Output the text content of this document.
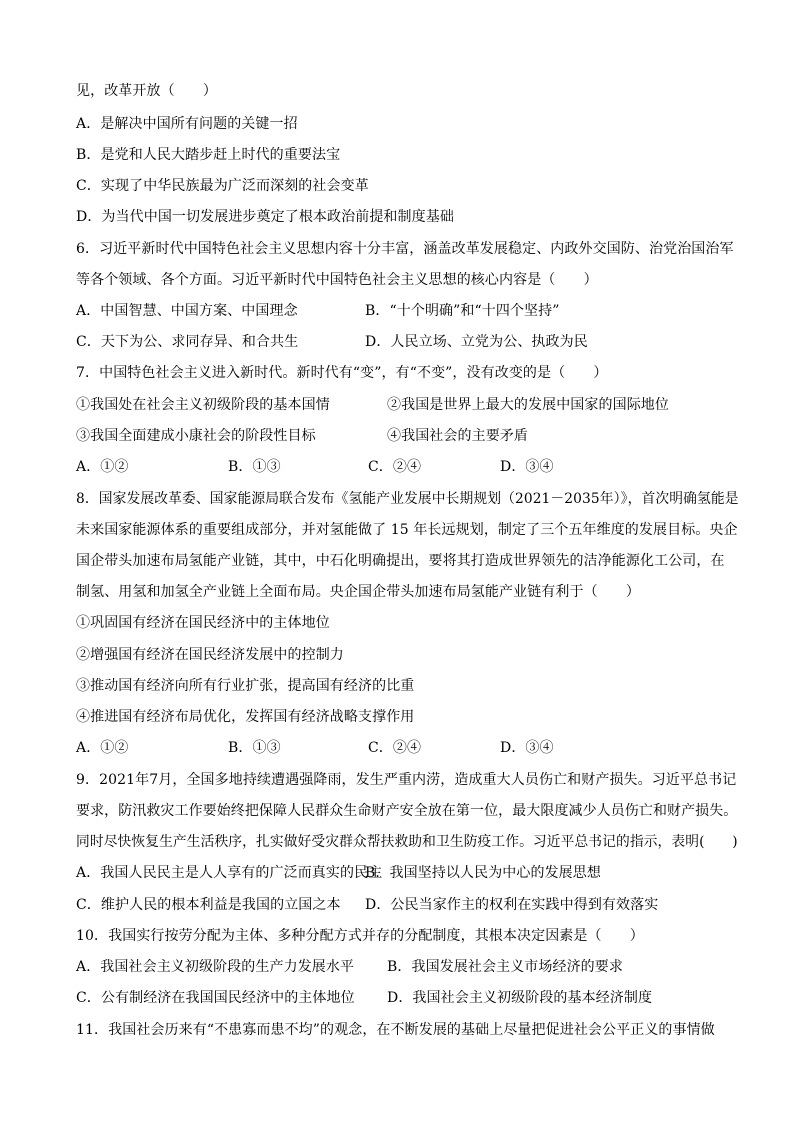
见，改革开放（　　）
A．是解决中国所有问题的关键一招
B．是党和人民大踏步赶上时代的重要法宝
C．实现了中华民族最为广泛而深刻的社会变革
D．为当代中国一切发展进步奠定了根本政治前提和制度基础
6．习近平新时代中国特色社会主义思想内容十分丰富，涵盖改革发展稳定、内政外交国防、治党治国治军
等各个领域、各个方面。习近平新时代中国特色社会主义思想的核心内容是（　　）
A．中国智慧、中国方案、中国理念	B．“十个明确”和“十四个坚持”
C．天下为公、求同存异、和合共生	D．人民立场、立党为公、执政为民
7．中国特色社会主义进入新时代。新时代有“变”，有“不变”，没有改变的是（　　）
①我国处在社会主义初级阶段的基本国情	②我国是世界上最大的发展中国家的国际地位
③我国全面建成小康社会的阶段性目标	④我国社会的主要矛盾
A．①②	B．①③	C．②④	D．③④
8．国家发展改革委、国家能源局联合发布《氢能产业发展中长期规划（2021－2035年）》，首次明确氢能是
未来国家能源体系的重要组成部分，并对氢能做了 15 年长远规划，制定了三个五年维度的发展目标。央企
国企带头加速布局氢能产业链，其中，中石化明确提出，要将其打造成世界领先的洁净能源化工公司，在
制氢、用氢和加氢全产业链上全面布局。央企国企带头加速布局氢能产业链有利于（　　）
①巩固国有经济在国民经济中的主体地位
②增强国有经济在国民经济发展中的控制力
③推动国有经济向所有行业扩张，提高国有经济的比重
④推进国有经济布局优化，发挥国有经济战略支撑作用
A．①②	B．①③	C．②④	D．③④
9．2021年7月，全国多地持续遭遇强降雨，发生严重内涝，造成重大人员伤亡和财产损失。习近平总书记
要求，防汛救灾工作要始终把保障人民群众生命财产安全放在第一位，最大限度减少人员伤亡和财产损失。
同时尽快恢复生产生活秩序，扎实做好受灾群众帮扶救助和卫生防疫工作。习近平总书记的指示，表明(　　)
A．我国人民民主是人人享有的广泛而真实的民主
B．我国坚持以人民为中心的发展思想
C．维护人民的根本利益是我国的立国之本 D．公民当家作主的权利在实践中得到有效落实
10．我国实行按劳分配为主体、多种分配方式并存的分配制度，其根本决定因素是（　　）
A．我国社会主义初级阶段的生产力发展水平 B．我国发展社会主义市场经济的要求
C．公有制经济在我国国民经济中的主体地位 D．我国社会主义初级阶段的基本经济制度
11．我国社会历来有“不患寡而患不均”的观念，在不断发展的基础上尽量把促进社会公平正义的事情做
